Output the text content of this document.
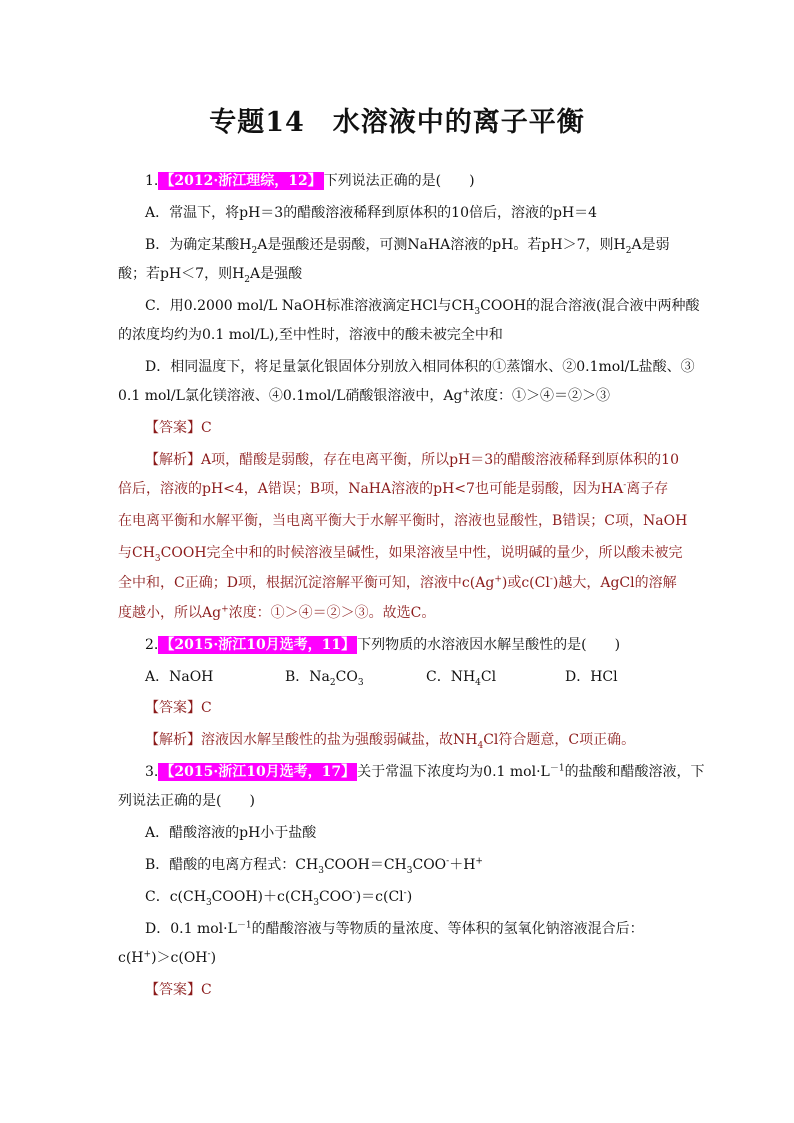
专题14　水溶液中的离子平衡
1. 【2012·浙江理综，12】 下列说法正确的是(　　)
A．常温下，将pH＝3的醋酸溶液稀释到原体积的10倍后，溶液的pH＝4
B．为确定某酸$H_2A$是强酸还是弱酸，可测NaHA溶液的pH。若pH＞7，则$H_2A$是弱
酸；若pH＜7，则$H_2A$是强酸
C．用0.2000 mol/L NaOH标准溶液滴定HCl与$CH_3COOH$的混合溶液(混合液中两种酸
的浓度均约为0.1 mol/L),至中性时，溶液中的酸未被完全中和
D．相同温度下，将足量氯化银固体分别放入相同体积的①蒸馏水、②0.1mol/L盐酸、③
0.1 mol/L氯化镁溶液、④0.1mol/L硝酸银溶液中，Ag+浓度：①＞④＝②＞③
【答案】C
【解析】A项，醋酸是弱酸，存在电离平衡，所以pH＝3的醋酸溶液稀释到原体积的10
倍后，溶液的pH<4，A错误；B项，NaHA溶液的pH<7也可能是弱酸，因为HA-离子存
在电离平衡和水解平衡，当电离平衡大于水解平衡时，溶液也显酸性，B错误；C项，NaOH
与$CH_3COOH$完全中和的时候溶液呈碱性，如果溶液呈中性，说明碱的量少，所以酸未被完
全中和，C正确；D项，根据沉淀溶解平衡可知，溶液中c(Ag+)或c(Cl-)越大，AgCl的溶解
度越小，所以Ag+浓度：①＞④＝②＞③。故选C。
2. 【2015·浙江10月选考，11】 下列物质的水溶液因水解呈酸性的是(　　)
A．NaOH	B．$Na_2CO_3$	C．$NH_4Cl$	D．HCl
【答案】C
【解析】溶液因水解呈酸性的盐为强酸弱碱盐，故$NH_4Cl$符合题意，C项正确。
3. 【2015·浙江10月选考，17】 关于常温下浓度均为0.1 $mol\cdot L^{-1}$的盐酸和醋酸溶液，下
列说法正确的是(　　)
A．醋酸溶液的pH小于盐酸
B．醋酸的电离方程式：$CH_3COOH=CH_3COO^-+H^+$
C．$c(CH_3COOH)+c(CH_3COO^-)=c(Cl^-)$
D．0.1 $mol\cdot L^{-1}$的醋酸溶液与等物质的量浓度、等体积的氢氧化钠溶液混合后：
c(H+)＞c(OH-)
【答案】C
